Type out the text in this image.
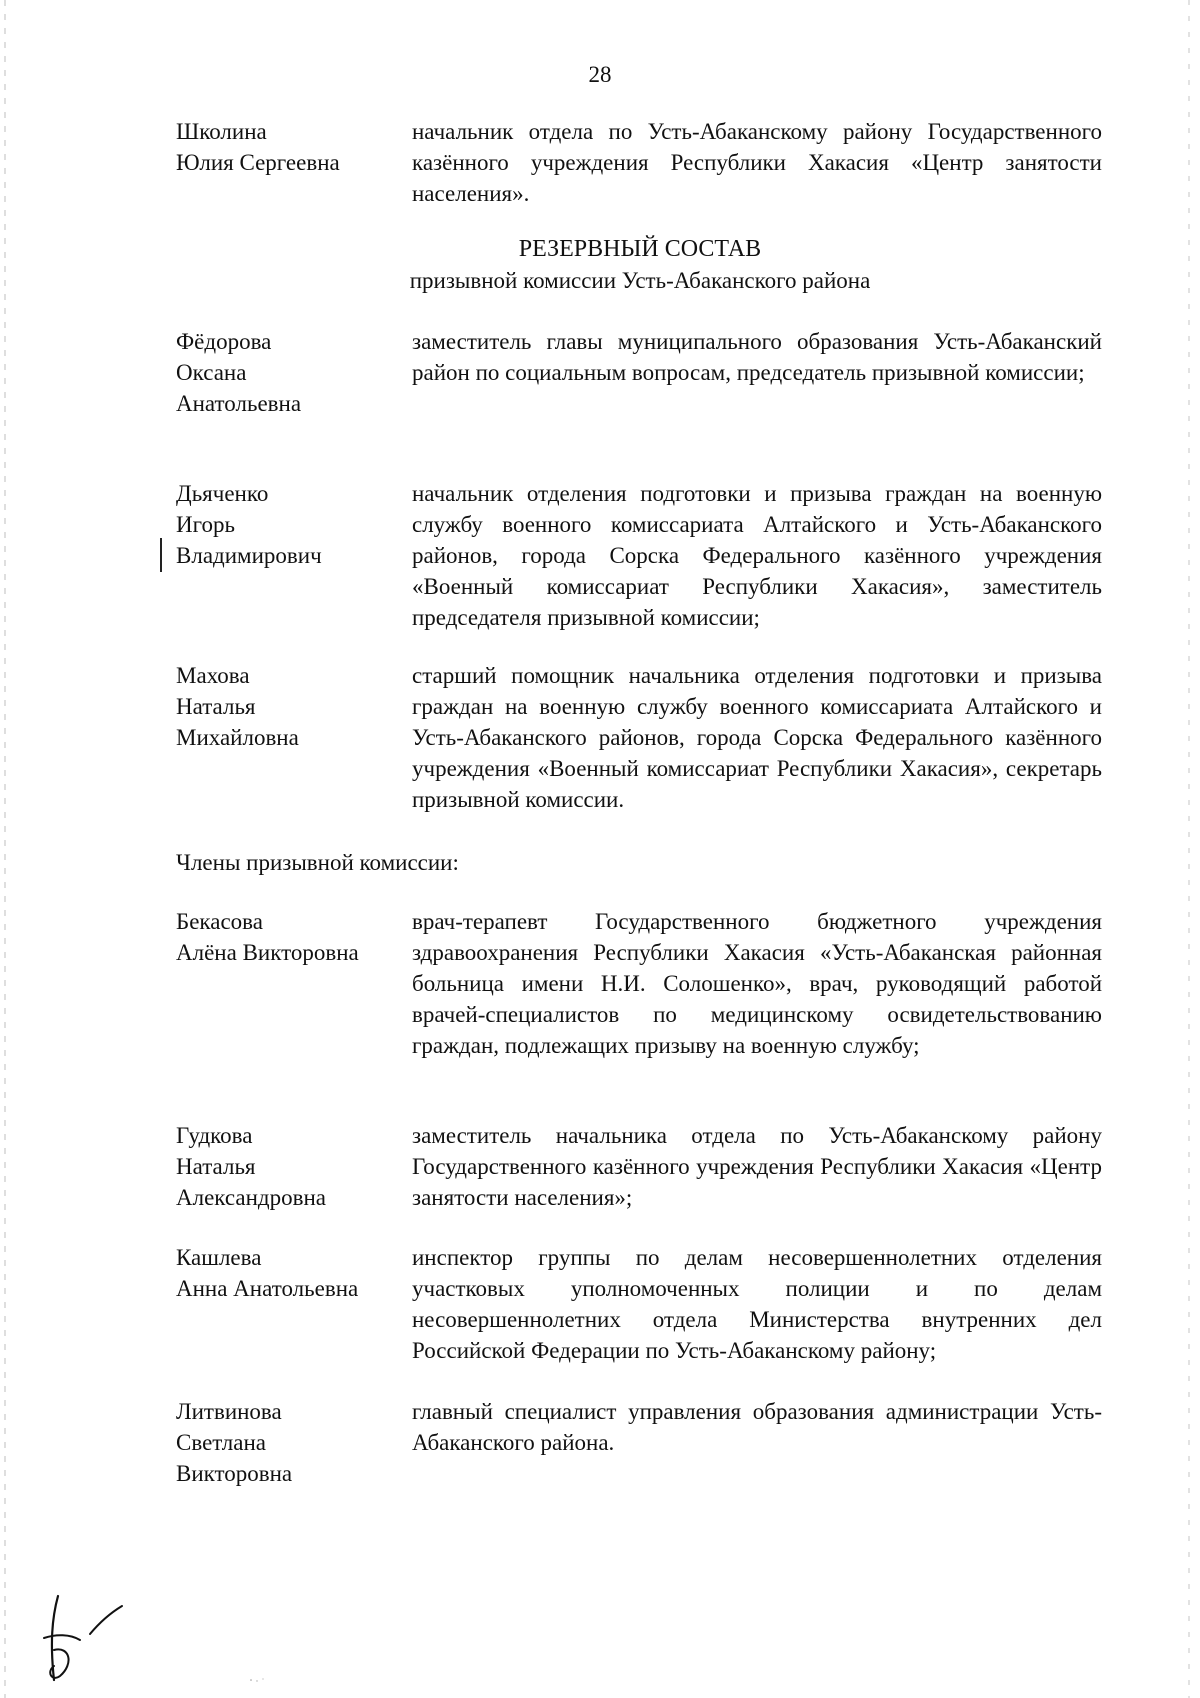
28
Школина
Юлия Сергеевна
начальник отдела по Усть-Абаканскому району Государственного казённого учреждения Республики Хакасия «Центр занятости населения».
РЕЗЕРВНЫЙ СОСТАВ
призывной комиссии Усть-Абаканского района
Фёдорова
Оксана
Анатольевна
заместитель главы муниципального образования Усть-Абаканский район по социальным вопросам, председатель призывной комиссии;
Дьяченко
Игорь
Владимирович
начальник отделения подготовки и призыва граждан на военную службу военного комиссариата Алтайского и Усть-Абаканского районов, города Сорска Федерального казённого учреждения «Военный комиссариат Республики Хакасия», заместитель председателя призывной комиссии;
Махова
Наталья
Михайловна
старший помощник начальника отделения подготовки и призыва граждан на военную службу военного комиссариата Алтайского и Усть-Абаканского районов, города Сорска Федерального казённого учреждения «Военный комиссариат Республики Хакасия», секретарь призывной комиссии.
Члены призывной комиссии:
Бекасова
Алёна Викторовна
врач-терапевт Государственного бюджетного учреждения здравоохранения Республики Хакасия «Усть-Абаканская районная больница имени Н.И. Солошенко», врач, руководящий работой врачей-специалистов по медицинскому освидетельствованию граждан, подлежащих призыву на военную службу;
Гудкова
Наталья
Александровна
заместитель начальника отдела по Усть-Абаканскому району Государственного казённого учреждения Республики Хакасия «Центр занятости населения»;
Кашлева
Анна Анатольевна
инспектор группы по делам несовершеннолетних отделения участковых уполномоченных полиции и по делам несовершеннолетних отдела Министерства внутренних дел Российской Федерации по Усть-Абаканскому району;
Литвинова
Светлана
Викторовна
главный специалист управления образования администрации Усть-Абаканского района.
